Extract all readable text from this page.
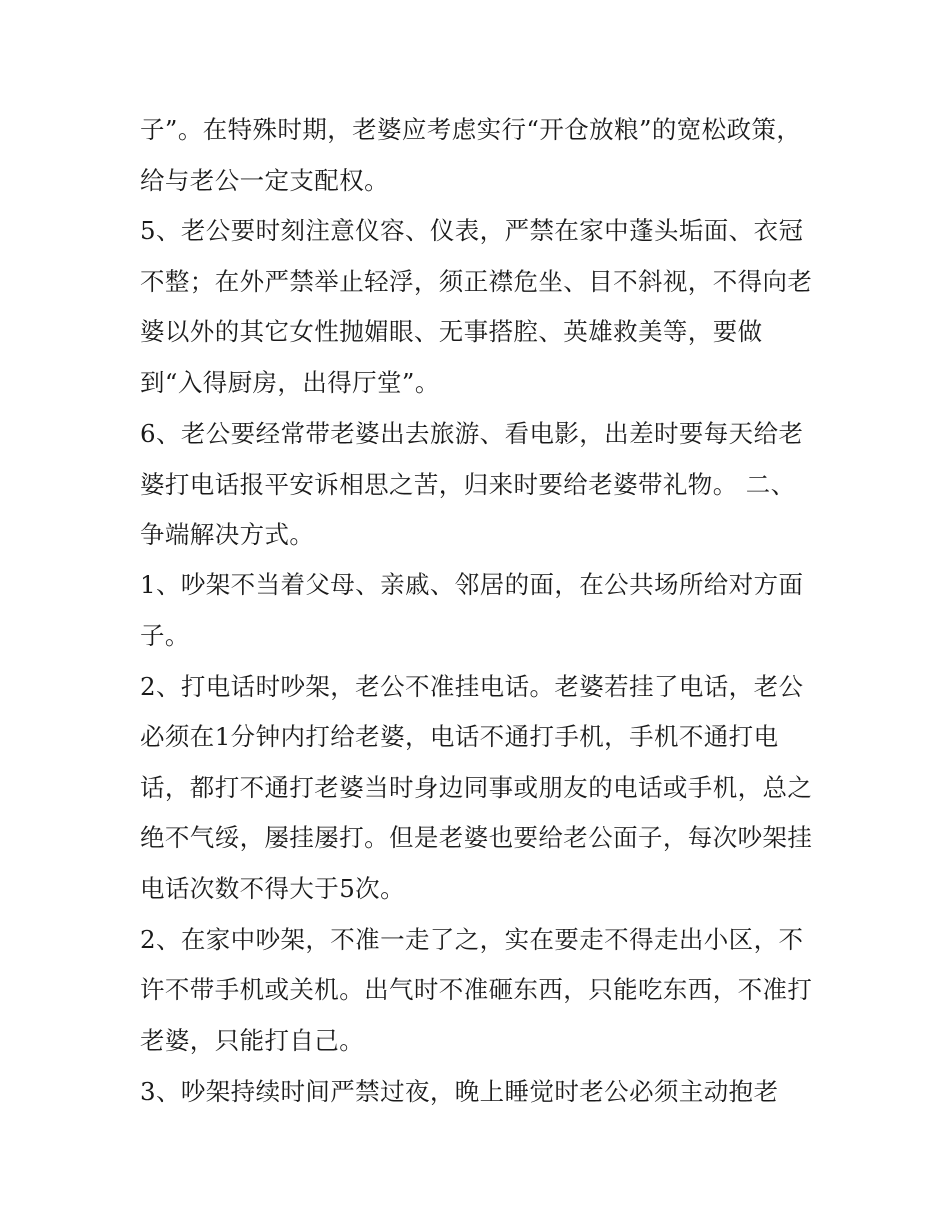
子”。在特殊时期，老婆应考虑实行“开仓放粮”的宽松政策，
给与老公一定支配权。
5、老公要时刻注意仪容、仪表，严禁在家中蓬头垢面、衣冠
不整；在外严禁举止轻浮，须正襟危坐、目不斜视，不得向老
婆以外的其它女性抛媚眼、无事搭腔、英雄救美等，要做
到“入得厨房，出得厅堂”。
6、老公要经常带老婆出去旅游、看电影，出差时要每天给老
婆打电话报平安诉相思之苦，归来时要给老婆带礼物。 二、
争端解决方式。
1、吵架不当着父母、亲戚、邻居的面，在公共场所给对方面
子。
2、打电话时吵架，老公不准挂电话。老婆若挂了电话，老公
必须在1分钟内打给老婆，电话不通打手机，手机不通打电
话，都打不通打老婆当时身边同事或朋友的电话或手机，总之
绝不气绥，屡挂屡打。但是老婆也要给老公面子，每次吵架挂
电话次数不得大于5次。
2、在家中吵架，不准一走了之，实在要走不得走出小区，不
许不带手机或关机。出气时不准砸东西，只能吃东西，不准打
老婆，只能打自己。
3、吵架持续时间严禁过夜，晚上睡觉时老公必须主动抱老
